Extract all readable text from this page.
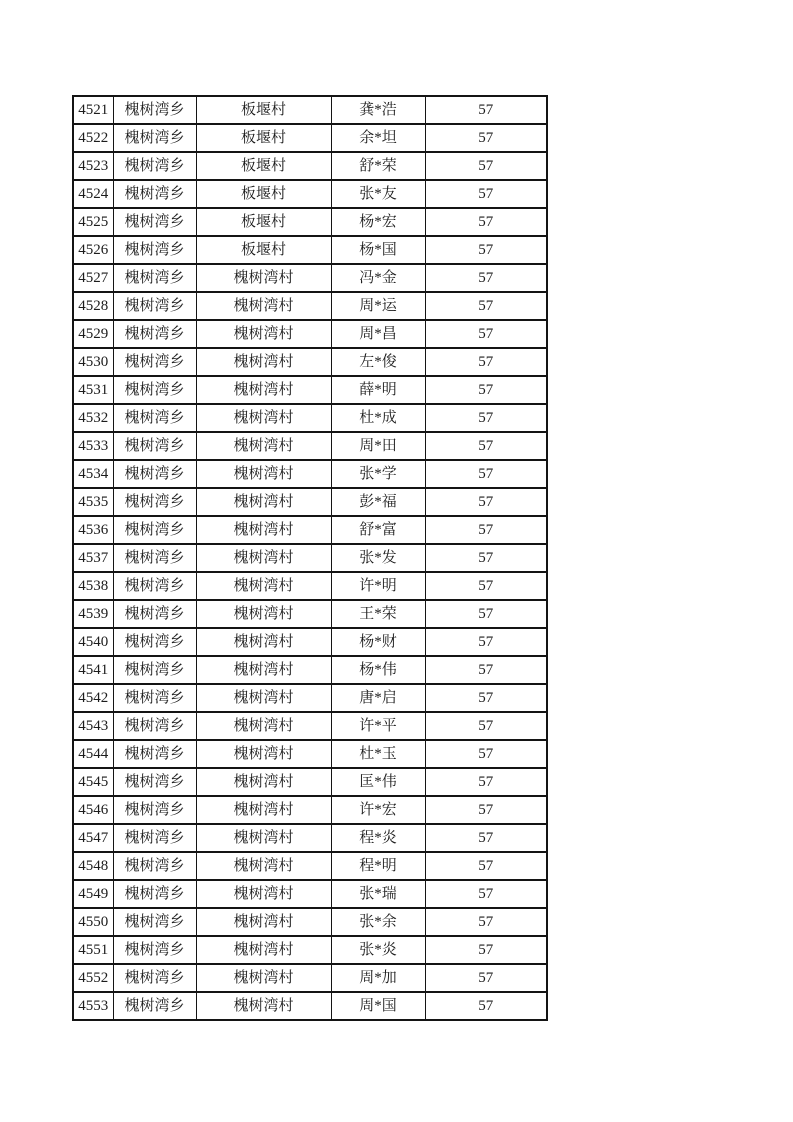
4521	槐树湾乡	板堰村	龚*浩	57
4522	槐树湾乡	板堰村	余*坦	57
4523	槐树湾乡	板堰村	舒*荣	57
4524	槐树湾乡	板堰村	张*友	57
4525	槐树湾乡	板堰村	杨*宏	57
4526	槐树湾乡	板堰村	杨*国	57
4527	槐树湾乡	槐树湾村	冯*金	57
4528	槐树湾乡	槐树湾村	周*运	57
4529	槐树湾乡	槐树湾村	周*昌	57
4530	槐树湾乡	槐树湾村	左*俊	57
4531	槐树湾乡	槐树湾村	薛*明	57
4532	槐树湾乡	槐树湾村	杜*成	57
4533	槐树湾乡	槐树湾村	周*田	57
4534	槐树湾乡	槐树湾村	张*学	57
4535	槐树湾乡	槐树湾村	彭*福	57
4536	槐树湾乡	槐树湾村	舒*富	57
4537	槐树湾乡	槐树湾村	张*发	57
4538	槐树湾乡	槐树湾村	许*明	57
4539	槐树湾乡	槐树湾村	王*荣	57
4540	槐树湾乡	槐树湾村	杨*财	57
4541	槐树湾乡	槐树湾村	杨*伟	57
4542	槐树湾乡	槐树湾村	唐*启	57
4543	槐树湾乡	槐树湾村	许*平	57
4544	槐树湾乡	槐树湾村	杜*玉	57
4545	槐树湾乡	槐树湾村	匡*伟	57
4546	槐树湾乡	槐树湾村	许*宏	57
4547	槐树湾乡	槐树湾村	程*炎	57
4548	槐树湾乡	槐树湾村	程*明	57
4549	槐树湾乡	槐树湾村	张*瑞	57
4550	槐树湾乡	槐树湾村	张*余	57
4551	槐树湾乡	槐树湾村	张*炎	57
4552	槐树湾乡	槐树湾村	周*加	57
4553	槐树湾乡	槐树湾村	周*国	57
